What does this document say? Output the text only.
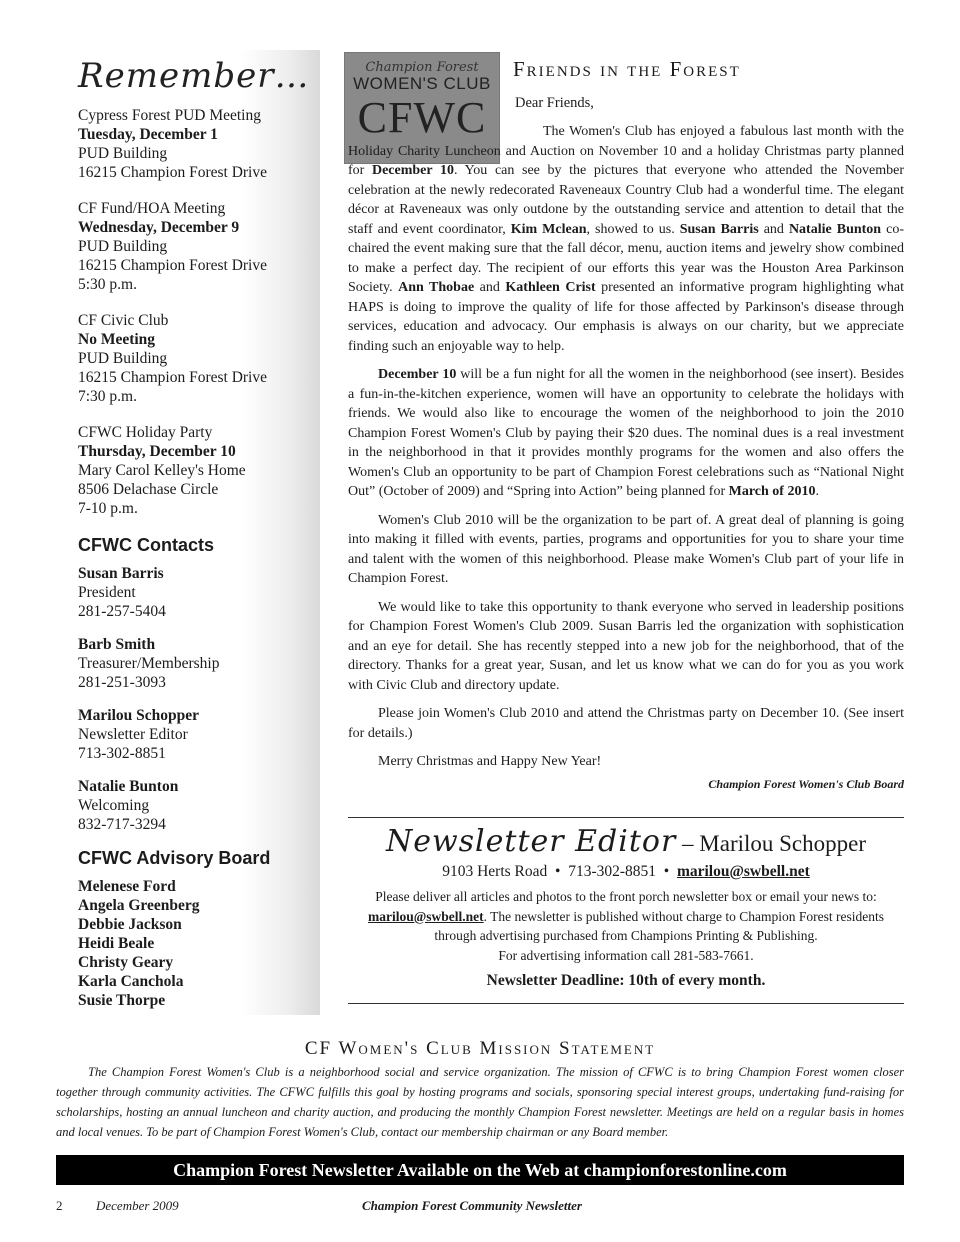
Remember…
Cypress Forest PUD Meeting
Tuesday, December 1
PUD Building
16215 Champion Forest Drive
CF Fund/HOA Meeting
Wednesday, December 9
PUD Building
16215 Champion Forest Drive
5:30 p.m.
CF Civic Club
No Meeting
PUD Building
16215 Champion Forest Drive
7:30 p.m.
CFWC Holiday Party
Thursday, December 10
Mary Carol Kelley's Home
8506 Delachase Circle
7-10 p.m.
CFWC Contacts
Susan Barris
President
281-257-5404
Barb Smith
Treasurer/Membership
281-251-3093
Marilou Schopper
Newsletter Editor
713-302-8851
Natalie Bunton
Welcoming
832-717-3294
CFWC Advisory Board
Melenese Ford
Angela Greenberg
Debbie Jackson
Heidi Beale
Christy Geary
Karla Canchola
Susie Thorpe
Champion Forest
WOMEN'S CLUB
CFWC
Friends in the Forest
Dear Friends,

The Women's Club has enjoyed a fabulous last month with the Holiday Charity Luncheon and Auction on November 10 and a holiday Christmas party planned for December 10. You can see by the pictures that everyone who attended the November celebration at the newly redecorated Raveneaux Country Club had a wonderful time. The elegant décor at Raveneaux was only outdone by the outstanding service and attention to detail that the staff and event coordinator, Kim Mclean, showed to us. Susan Barris and Natalie Bunton co-chaired the event making sure that the fall décor, menu, auction items and jewelry show combined to make a perfect day. The recipient of our efforts this year was the Houston Area Parkinson Society. Ann Thobae and Kathleen Crist presented an informative program highlighting what HAPS is doing to improve the quality of life for those affected by Parkinson's disease through services, education and advocacy. Our emphasis is always on our charity, but we appreciate finding such an enjoyable way to help.

December 10 will be a fun night for all the women in the neighborhood (see insert). Besides a fun-in-the-kitchen experience, women will have an opportunity to celebrate the holidays with friends. We would also like to encourage the women of the neighborhood to join the 2010 Champion Forest Women's Club by paying their $20 dues. The nominal dues is a real investment in the neighborhood in that it provides monthly programs for the women and also offers the Women's Club an opportunity to be part of Champion Forest celebrations such as “National Night Out” (October of 2009) and “Spring into Action” being planned for March of 2010.

Women's Club 2010 will be the organization to be part of. A great deal of planning is going into making it filled with events, parties, programs and opportunities for you to share your time and talent with the women of this neighborhood. Please make Women's Club part of your life in Champion Forest.

We would like to take this opportunity to thank everyone who served in leadership positions for Champion Forest Women's Club 2009. Susan Barris led the organization with sophistication and an eye for detail. She has recently stepped into a new job for the neighborhood, that of the directory. Thanks for a great year, Susan, and let us know what we can do for you as you work with Civic Club and directory update.

Please join Women's Club 2010 and attend the Christmas party on December 10. (See insert for details.)

Merry Christmas and Happy New Year!

Champion Forest Women's Club Board
Newsletter Editor – Marilou Schopper
9103 Herts Road • 713-302-8851 • marilou@swbell.net
Please deliver all articles and photos to the front porch newsletter box or email your news to: marilou@swbell.net. The newsletter is published without charge to Champion Forest residents through advertising purchased from Champions Printing & Publishing.
For advertising information call 281-583-7661.
Newsletter Deadline: 10th of every month.
CF Women's Club Mission Statement
The Champion Forest Women's Club is a neighborhood social and service organization. The mission of CFWC is to bring Champion Forest women closer together through community activities. The CFWC fulfills this goal by hosting programs and socials, sponsoring special interest groups, undertaking fund-raising for scholarships, hosting an annual luncheon and charity auction, and producing the monthly Champion Forest newsletter. Meetings are held on a regular basis in homes and local venues. To be part of Champion Forest Women's Club, contact our membership chairman or any Board member.
Champion Forest Newsletter Available on the Web at championforestonline.com
2	December 2009	Champion Forest Community Newsletter
